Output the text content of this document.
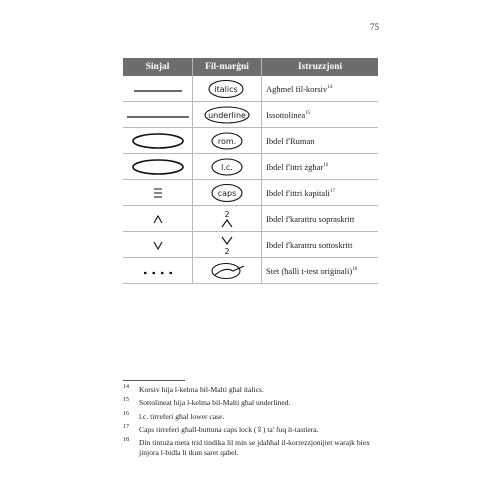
75
Sinjal	Fil-marġni	Istruzzjoni

italics	Agħmel fil-korsiv$^{14}$

underline	Issottolinea$^{15}$

rom.	Ibdel f'Ruman

l.c.	Ibdel f'ittri żgħar$^{16}$

caps	Ibdel f'ittri kapitali$^{17}$

2	Ibdel f'karattru sopraskritt

2	Ibdel f'karattru sottoskritt

	Stet (ħalli t-test oriġinali)$^{18}$
14 Korsiv hija l-kelma bil-Malti għal italics.
15 Sottolineat hija l-kelma bil-Malti għal underlined.
16 l.c. tirreferi għal lower case.
17 Caps tirreferi għall-buttuna caps lock (⇪) ta' fuq it-tastiera.
18 Din tintuża meta trid tindika lil min se jdaħħal il-korrezzjonijiet warajk biex jinjora l-bidla li tkun saret qabel.
